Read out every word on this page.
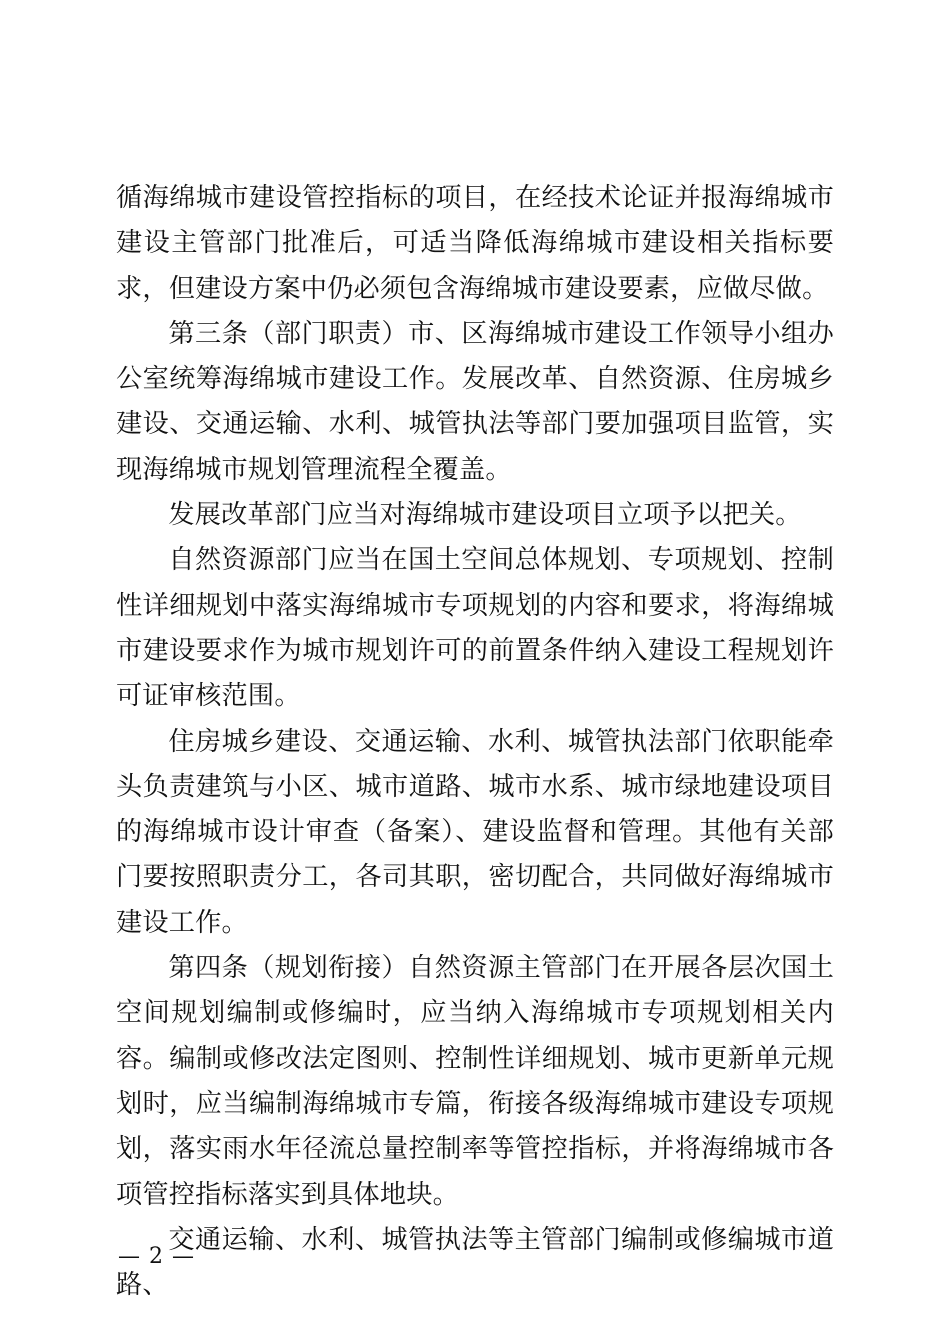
循海绵城市建设管控指标的项目，在经技术论证并报海绵城市建设主管部门批准后，可适当降低海绵城市建设相关指标要求，但建设方案中仍必须包含海绵城市建设要素，应做尽做。

第三条（部门职责）市、区海绵城市建设工作领导小组办公室统筹海绵城市建设工作。发展改革、自然资源、住房城乡建设、交通运输、水利、城管执法等部门要加强项目监管，实现海绵城市规划管理流程全覆盖。

发展改革部门应当对海绵城市建设项目立项予以把关。

自然资源部门应当在国土空间总体规划、专项规划、控制性详细规划中落实海绵城市专项规划的内容和要求，将海绵城市建设要求作为城市规划许可的前置条件纳入建设工程规划许可证审核范围。

住房城乡建设、交通运输、水利、城管执法部门依职能牵头负责建筑与小区、城市道路、城市水系、城市绿地建设项目的海绵城市设计审查（备案）、建设监督和管理。其他有关部门要按照职责分工，各司其职，密切配合，共同做好海绵城市建设工作。

第四条（规划衔接）自然资源主管部门在开展各层次国土空间规划编制或修编时，应当纳入海绵城市专项规划相关内容。编制或修改法定图则、控制性详细规划、城市更新单元规划时，应当编制海绵城市专篇，衔接各级海绵城市建设专项规划，落实雨水年径流总量控制率等管控指标，并将海绵城市各项管控指标落实到具体地块。

交通运输、水利、城管执法等主管部门编制或修编城市道路、

— 2 —
